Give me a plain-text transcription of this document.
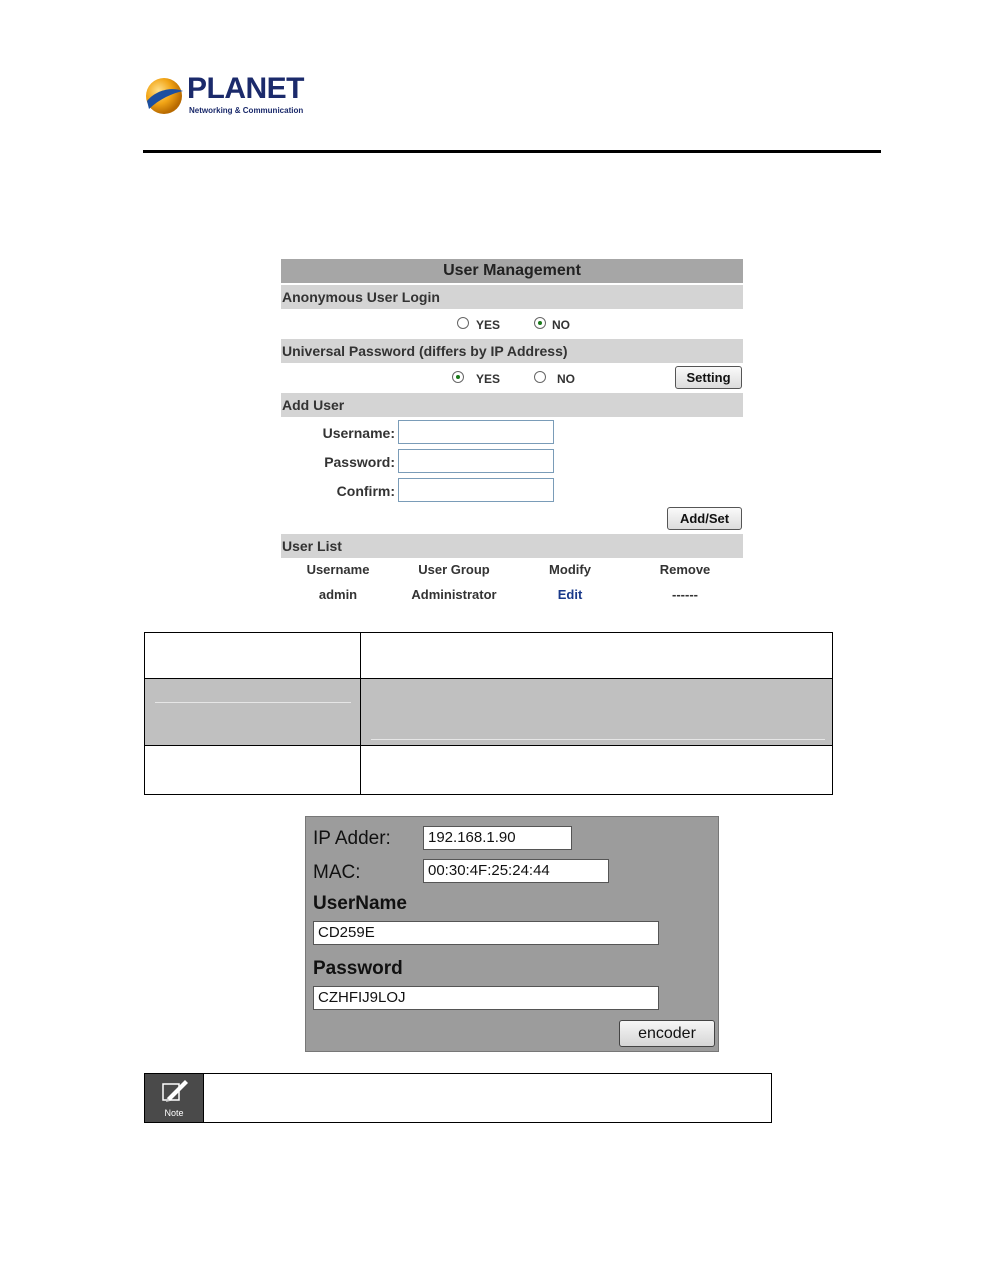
PLANET
Networking & Communication
User Management
Anonymous User Login
YES	NO
Universal Password (differs by IP Address)
YES	NO	Setting
Add User
Username:
Password:
Confirm:
Add/Set
User List
Username	User Group	Modify	Remove
admin	Administrator	Edit	------
IP Adder:	192.168.1.90
MAC:	00:30:4F:25:24:44
UserName
CD259E
Password
CZHFIJ9LOJ
encoder
Note
